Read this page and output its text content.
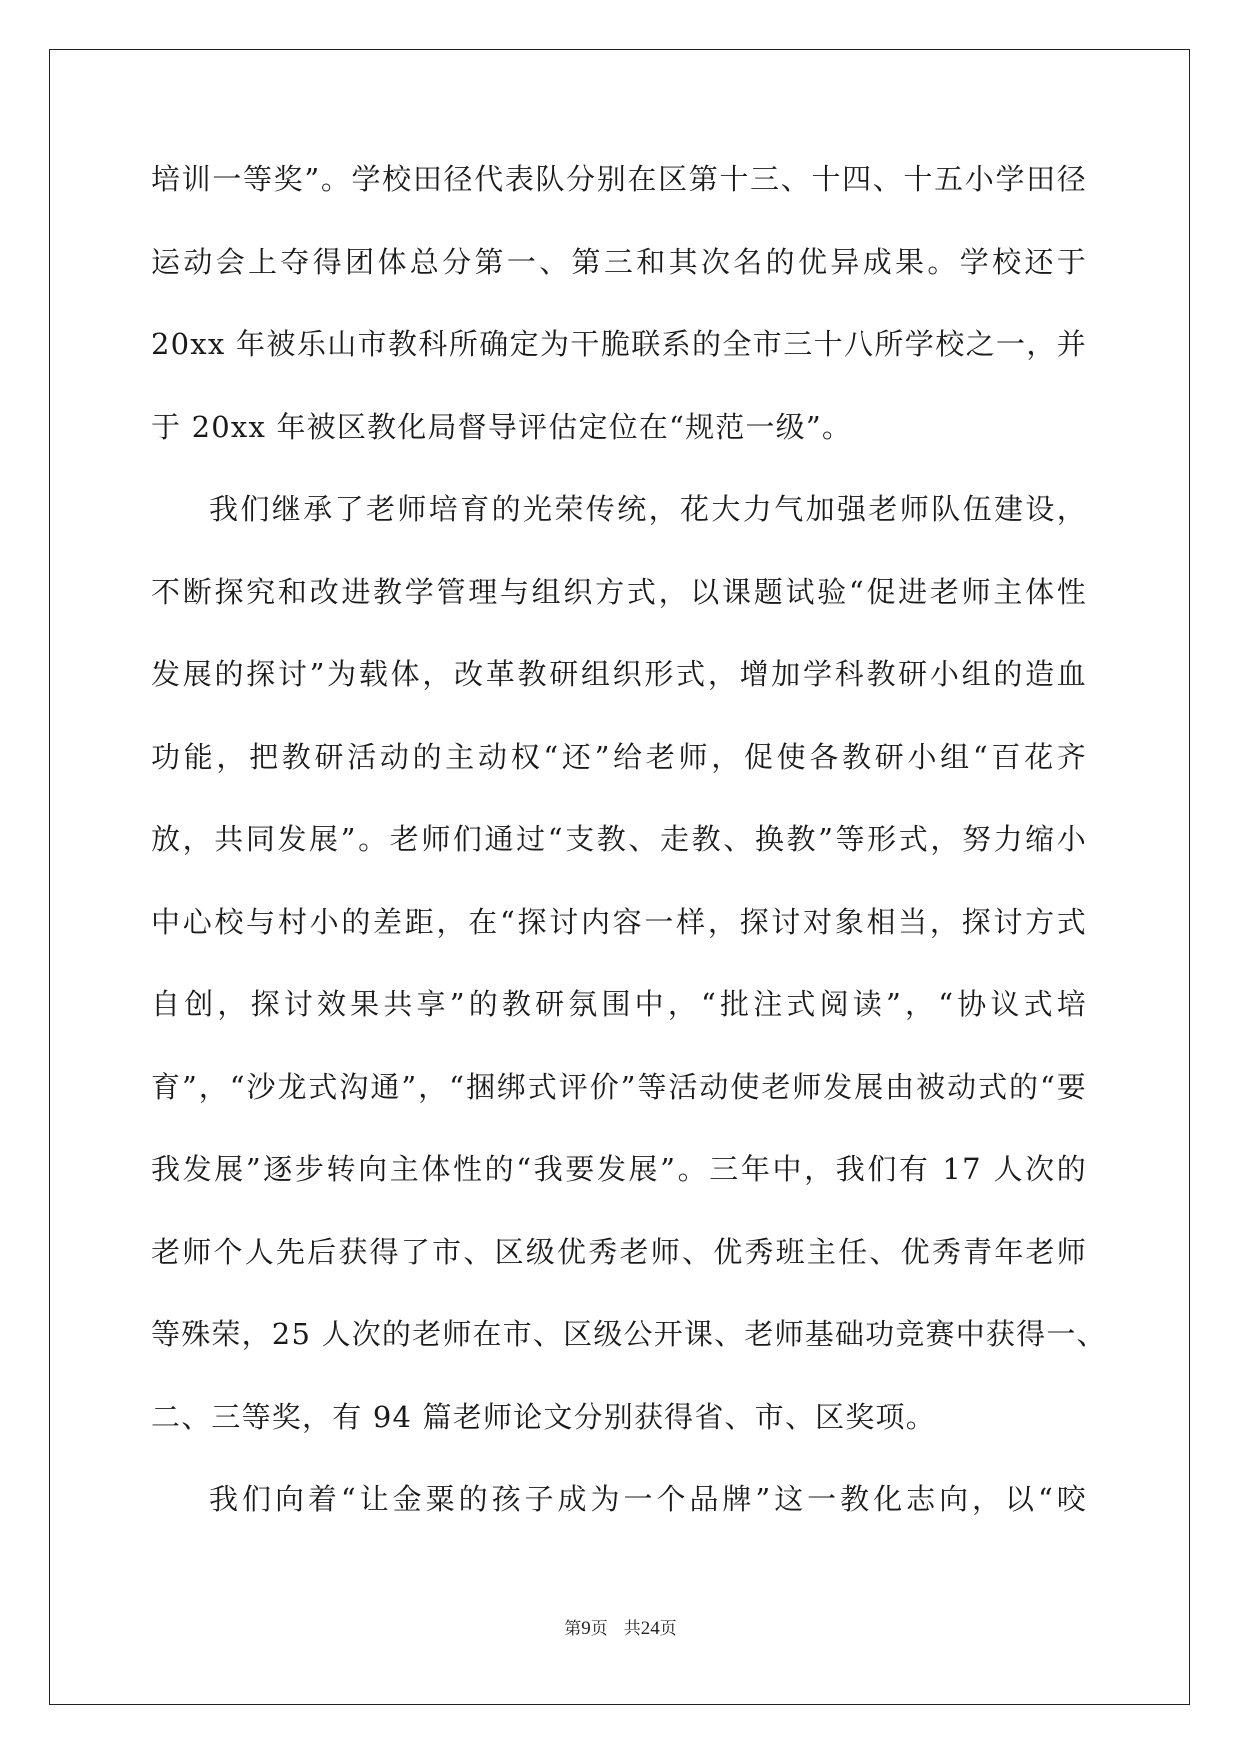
培训一等奖”。学校田径代表队分别在区第十三、十四、十五小学田径
运动会上夺得团体总分第一、第三和其次名的优异成果。学校还于
20xx 年被乐山市教科所确定为干脆联系的全市三十八所学校之一，并
于 20xx 年被区教化局督导评估定位在“规范一级”。
我们继承了老师培育的光荣传统，花大力气加强老师队伍建设，
不断探究和改进教学管理与组织方式，以课题试验“促进老师主体性
发展的探讨”为载体，改革教研组织形式，增加学科教研小组的造血
功能，把教研活动的主动权“还”给老师，促使各教研小组“百花齐
放，共同发展”。老师们通过“支教、走教、换教”等形式，努力缩小
中心校与村小的差距，在“探讨内容一样，探讨对象相当，探讨方式
自创，探讨效果共享”的教研氛围中，“批注式阅读”，“协议式培
育”，“沙龙式沟通”，“捆绑式评价”等活动使老师发展由被动式的“要
我发展”逐步转向主体性的“我要发展”。三年中，我们有 17 人次的
老师个人先后获得了市、区级优秀老师、优秀班主任、优秀青年老师
等殊荣，25 人次的老师在市、区级公开课、老师基础功竞赛中获得一、
二、三等奖，有 94 篇老师论文分别获得省、市、区奖项。
我们向着“让金粟的孩子成为一个品牌”这一教化志向，以“咬
第9页 共24页
